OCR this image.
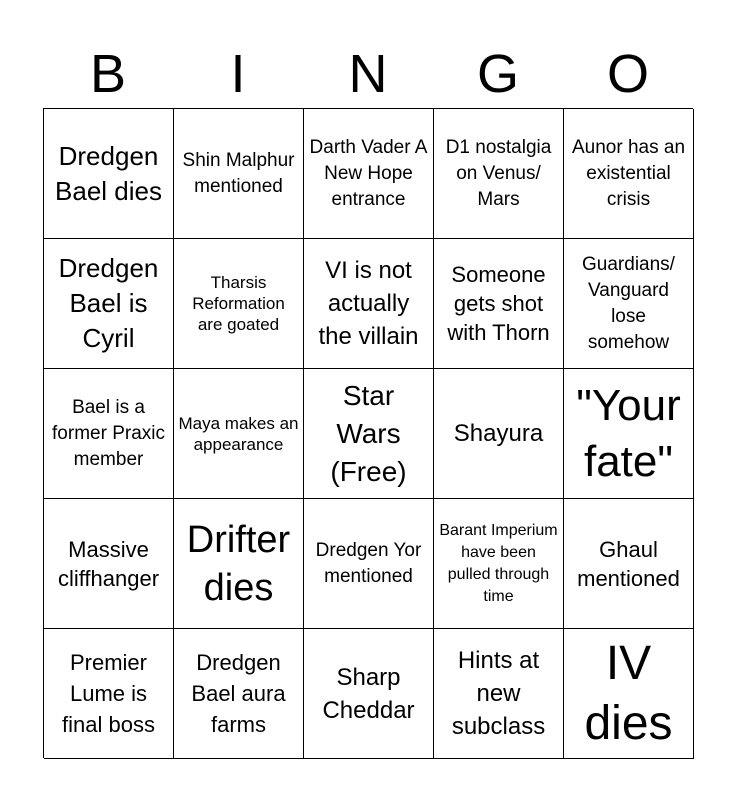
B	I	N	G	O
Dredgen Bael dies
Shin Malphur mentioned
Darth Vader A New Hope entrance
D1 nostalgia on Venus/ Mars
Aunor has an existential crisis
Dredgen Bael is Cyril
Tharsis Reformation are goated
VI is not actually the villain
Someone gets shot with Thorn
Guardians/ Vanguard lose somehow
Bael is a former Praxic member
Maya makes an appearance
Star Wars (Free)
Shayura
"Your fate"
Massive cliffhanger
Drifter dies
Dredgen Yor mentioned
Barant Imperium have been pulled through time
Ghaul mentioned
Premier Lume is final boss
Dredgen Bael aura farms
Sharp Cheddar
Hints at new subclass
IV dies
